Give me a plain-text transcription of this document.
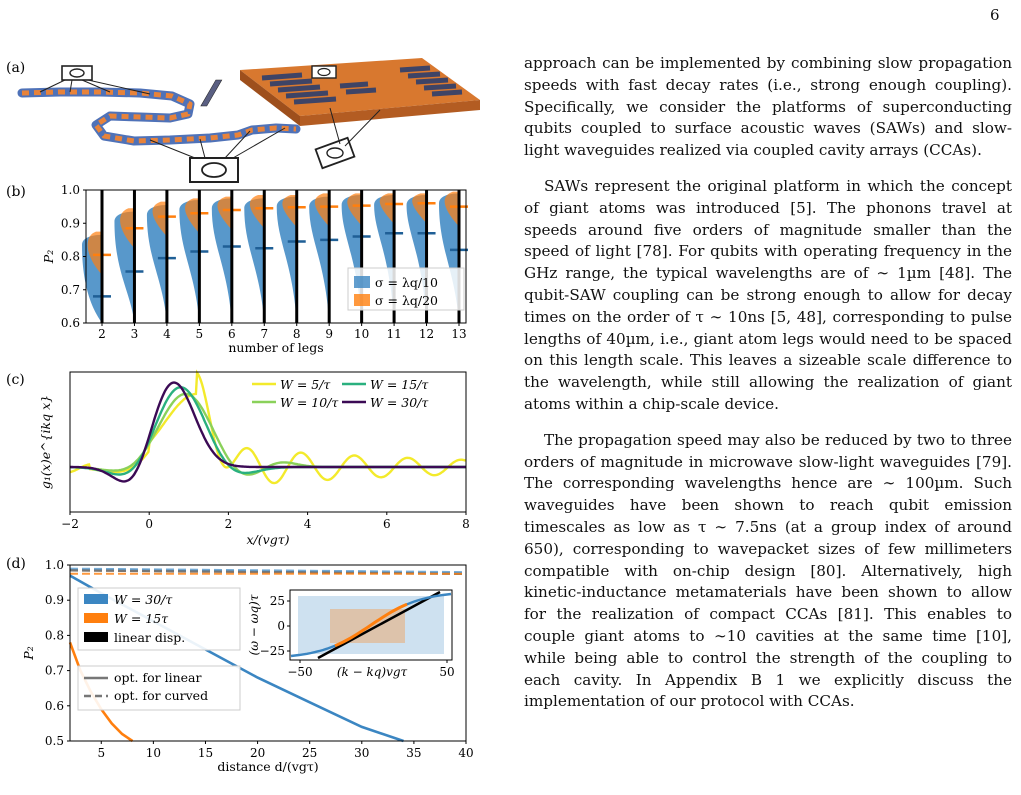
6

approach can be implemented by combining slow propagation speeds with fast decay rates (i.e., strong enough coupling). Specifically, we consider the platforms of superconducting qubits coupled to surface acoustic waves (SAWs) and slow-light waveguides realized via coupled cavity arrays (CCAs).

SAWs represent the original platform in which the concept of giant atoms was introduced [5]. The phonons travel at speeds around five orders of magnitude smaller than the speed of light [78]. For qubits with operating frequency in the GHz range, the typical wavelengths are of ∼ 1µm [48]. The qubit-SAW coupling can be strong enough to allow for decay times on the order of τ ∼ 10ns [5, 48], corresponding to pulse lengths of 40µm, i.e., giant atom legs would need to be spaced on this length scale. This leaves a sizeable scale difference to the wavelength, while still allowing the realization of giant atoms within a chip-scale device.

The propagation speed may also be reduced by two to three orders of magnitude in microwave slow-light waveguides [79]. The corresponding wavelengths hence are ∼ 100µm. Such waveguides have been shown to reach qubit emission timescales as low as τ ∼ 7.5ns (at a group index of around 650), corresponding to wavepacket sizes of few millimeters compatible with on-chip design [80]. Alternatively, high kinetic-inductance metamaterials have been shown to allow for the realization of compact CCAs [81]. This enables to couple giant atoms to ∼10 cavities at the same time [10], while being able to control the strength of the coupling to each cavity. In Appendix B 1 we explicitly discuss the implementation of our protocol with CCAs.

(a)
(b)
(c)
(d)
2 3 4 5 6 7 8 9 10 11 12 13
0.6
0.7
0.8
0.9
1.0
number of legs
P₂
σ = λq/10
σ = λq/20
−2	0	2	4	6	8
x/(vgτ)
g₁(x)e^{ikq x}
W = 5/τ	W = 15/τ
W = 10/τ	W = 30/τ
5	10	15	20	25	30	35	40
0.5
0.6
0.7
0.8
0.9
1.0
distance d/(vgτ)
P₂
W = 30/τ
W = 15τ
linear disp.
opt. for linear
opt. for curved
25
0
−25
−50	50
(k − kq)vgτ
(ω − ωq)τ
